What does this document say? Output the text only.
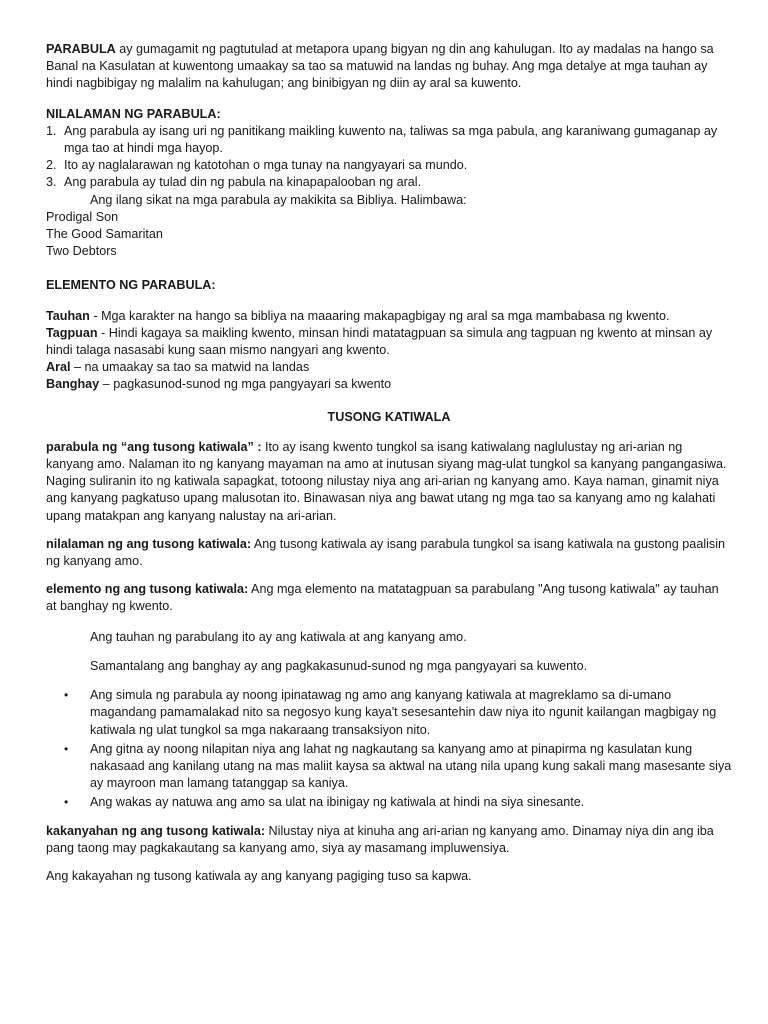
PARABULA ay gumagamit ng pagtutulad at metapora upang bigyan ng din ang kahulugan. Ito ay madalas na hango sa Banal na Kasulatan at kuwentong umaakay sa tao sa matuwid na landas ng buhay. Ang mga detalye at mga tauhan ay hindi nagbibigay ng malalim na kahulugan; ang binibigyan ng diin ay aral sa kuwento.

NILALAMAN NG PARABULA:

1. Ang parabula ay isang uri ng panitikang maikling kuwento na, taliwas sa mga pabula, ang karaniwang gumaganap ay mga tao at hindi mga hayop.
2. Ito ay naglalarawan ng katotohan o mga tunay na nangyayari sa mundo.
3. Ang parabula ay tulad din ng pabula na kinapapalooban ng aral.

Ang ilang sikat na mga parabula ay makikita sa Bibliya. Halimbawa:

Prodigal Son

The Good Samaritan

Two Debtors

ELEMENTO NG PARABULA:

Tauhan - Mga karakter na hango sa bibliya na maaaring makapagbigay ng aral sa mga mambabasa ng kwento.

Tagpuan - Hindi kagaya sa maikling kwento, minsan hindi matatagpuan sa simula ang tagpuan ng kwento at minsan ay hindi talaga nasasabi kung saan mismo nangyari ang kwento.

Aral – na umaakay sa tao sa matwid na landas

Banghay – pagkasunod-sunod ng mga pangyayari sa kwento

TUSONG KATIWALA

parabula ng “ang tusong katiwala” : Ito ay isang kwento tungkol sa isang katiwalang naglulustay ng ari-arian ng kanyang amo. Nalaman ito ng kanyang mayaman na amo at inutusan siyang mag-ulat tungkol sa kanyang pangangasiwa. Naging suliranin ito ng katiwala sapagkat, totoong nilustay niya ang ari-arian ng kanyang amo. Kaya naman, ginamit niya ang kanyang pagkatuso upang malusotan ito. Binawasan niya ang bawat utang ng mga tao sa kanyang amo ng kalahati upang matakpan ang kanyang nalustay na ari-arian.

nilalaman ng ang tusong katiwala: Ang tusong katiwala ay isang parabula tungkol sa isang katiwala na gustong paalisin ng kanyang amo.

elemento ng ang tusong katiwala: Ang mga elemento na matatagpuan sa parabulang "Ang tusong katiwala" ay tauhan at banghay ng kwento.

Ang tauhan ng parabulang ito ay ang katiwala at ang kanyang amo.

Samantalang ang banghay ay ang pagkakasunud-sunod ng mga pangyayari sa kuwento.

• Ang simula ng parabula ay noong ipinatawag ng amo ang kanyang katiwala at magreklamo sa di-umano magandang pamamalakad nito sa negosyo kung kaya't sesesantehin daw niya ito ngunit kailangan magbigay ng katiwala ng ulat tungkol sa mga nakaraang transaksiyon nito.
• Ang gitna ay noong nilapitan niya ang lahat ng nagkautang sa kanyang amo at pinapirma ng kasulatan kung nakasaad ang kanilang utang na mas maliit kaysa sa aktwal na utang nila upang kung sakali mang masesante siya ay mayroon man lamang tatanggap sa kaniya.
• Ang wakas ay natuwa ang amo sa ulat na ibinigay ng katiwala at hindi na siya sinesante.

kakanyahan ng ang tusong katiwala: Nilustay niya at kinuha ang ari-arian ng kanyang amo. Dinamay niya din ang iba pang taong may pagkakautang sa kanyang amo, siya ay masamang impluwensiya.

Ang kakayahan ng tusong katiwala ay ang kanyang pagiging tuso sa kapwa.
